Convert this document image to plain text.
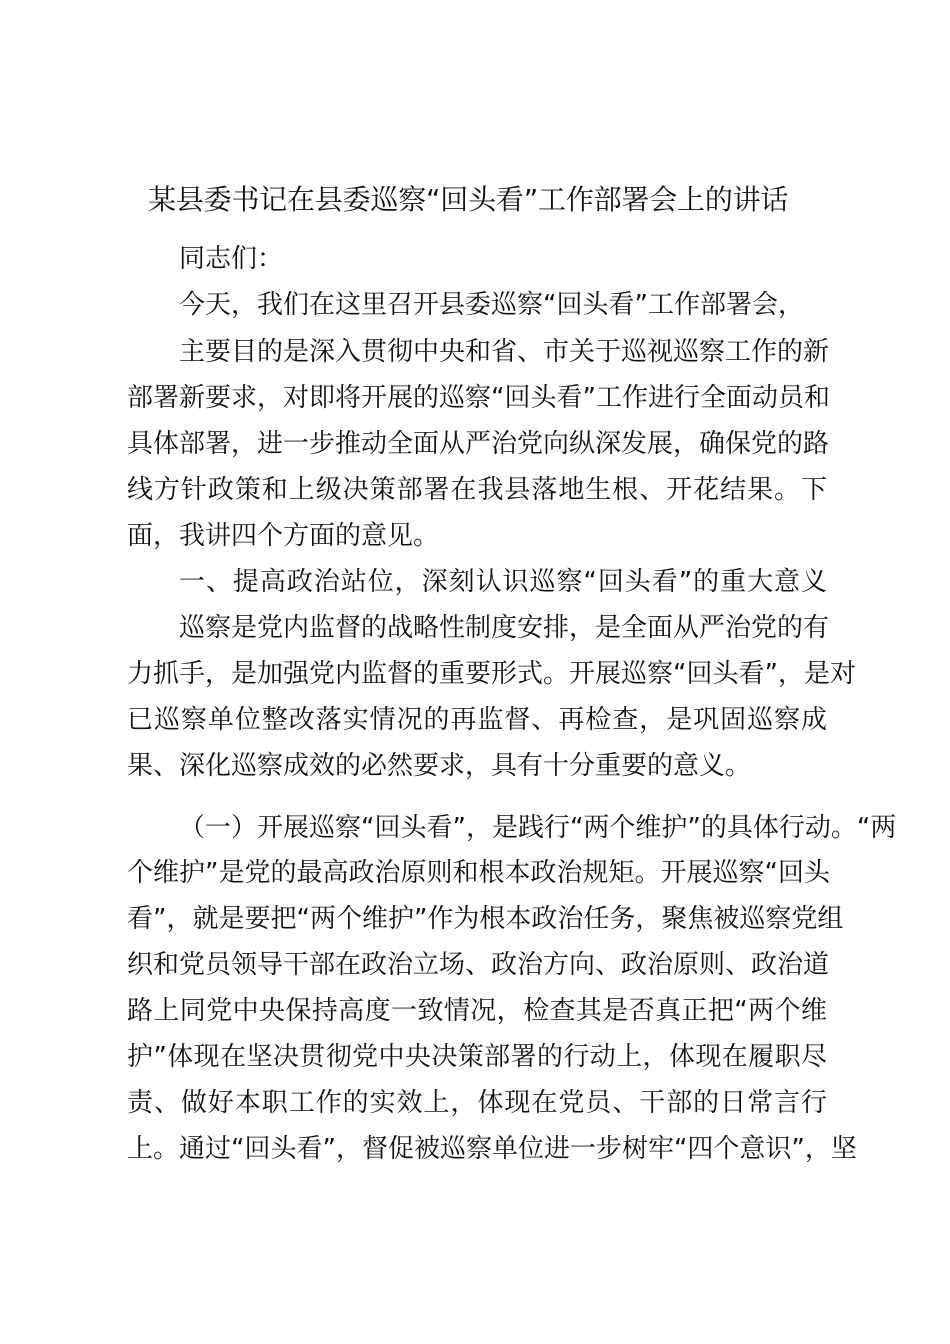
某县委书记在县委巡察“回头看”工作部署会上的讲话
同志们：
今天，我们在这里召开县委巡察“回头看”工作部署会，
主要目的是深入贯彻中央和省、市关于巡视巡察工作的新
部署新要求，对即将开展的巡察“回头看”工作进行全面动员和
具体部署，进一步推动全面从严治党向纵深发展，确保党的路
线方针政策和上级决策部署在我县落地生根、开花结果。下
面，我讲四个方面的意见。
一、提高政治站位，深刻认识巡察“回头看”的重大意义
巡察是党内监督的战略性制度安排，是全面从严治党的有
力抓手，是加强党内监督的重要形式。开展巡察“回头看”，是对
已巡察单位整改落实情况的再监督、再检查，是巩固巡察成
果、深化巡察成效的必然要求，具有十分重要的意义。
（一）开展巡察“回头看”，是践行“两个维护”的具体行动。“两
个维护”是党的最高政治原则和根本政治规矩。开展巡察“回头
看”，就是要把“两个维护”作为根本政治任务，聚焦被巡察党组
织和党员领导干部在政治立场、政治方向、政治原则、政治道
路上同党中央保持高度一致情况，检查其是否真正把“两个维
护”体现在坚决贯彻党中央决策部署的行动上，体现在履职尽
责、做好本职工作的实效上，体现在党员、干部的日常言行
上。通过“回头看”，督促被巡察单位进一步树牢“四个意识”，坚
